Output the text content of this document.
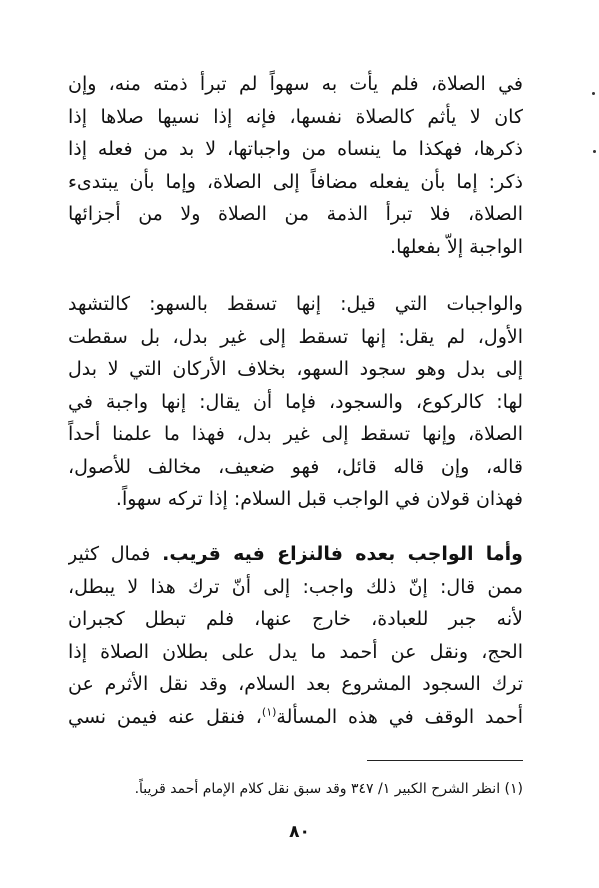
في الصلاة، فلم يأت به سهواً لم تبرأ ذمته منه، وإن
كان لا يأثم كالصلاة نفسها، فإنه إذا نسيها صلاها إذا
ذكرها، فهكذا ما ينساه من واجباتها، لا بد من فعله إذا
ذكر: إما بأن يفعله مضافاً إلى الصلاة، وإما بأن يبتدىء
الصلاة، فلا تبرأ الذمة من الصلاة ولا من أجزائها
الواجبة إلاّ بفعلها.
والواجبات التي قيل: إنها تسقط بالسهو: كالتشهد
الأول، لم يقل: إنها تسقط إلى غير بدل، بل سقطت
إلى بدل وهو سجود السهو، بخلاف الأركان التي لا بدل
لها: كالركوع، والسجود، فإما أن يقال: إنها واجبة في
الصلاة، وإنها تسقط إلى غير بدل، فهذا ما علمنا أحداً
قاله، وإن قاله قائل، فهو ضعيف، مخالف للأصول،
فهذان قولان في الواجب قبل السلام: إذا تركه سهواً.
وأما الواجب بعده فالنزاع فيه قريب. فمال كثير
ممن قال: إنّ ذلك واجب: إلى أنّ ترك هذا لا يبطل،
لأنه جبر للعبادة، خارج عنها، فلم تبطل كجبران
الحج، ونقل عن أحمد ما يدل على بطلان الصلاة إذا
ترك السجود المشروع بعد السلام، وقد نقل الأثرم عن
أحمد الوقف في هذه المسألة$^{(١)}$، فنقل عنه فيمن نسي
(١) انظر الشرح الكبير ١/ ٣٤٧ وقد سبق نقل كلام الإمام أحمد قريباً.
٨٠
